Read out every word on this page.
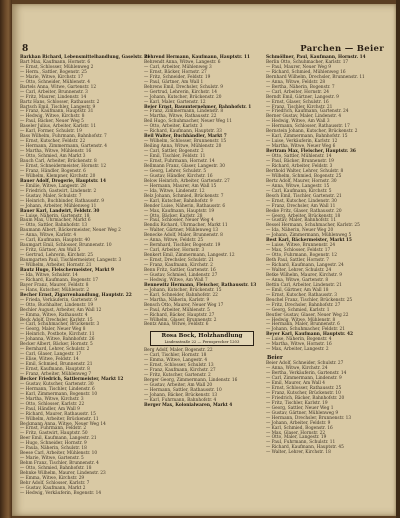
8	Parchen — Beier
Barkhan Richard, Lebensmittelhandlung, Gaselstr. 21
Bart Max, Kaufmann, Hornstr. 6
— Ernst, Schlosser, Mühlenweg 2
— Herm., Sattler, Bogenstr. 25
— Marie, Witwe, Kirchstr. 17
— Otto, Schneider, Mühlenstr. 4
Bartels Anna, Witwe, Gartenstr. 12
— Carl, Arbeiter, Brunnenstr. 3
— Fritz, Maurer, Lindenstr. 14
Bartz Hans, Schlosser, Rathausstr. 2
Bartsch Emil, Tischler, Langestr. 9
— Franz, Kaufmann, Hauptstr. 31
— Hedwig, Witwe, Kirchstr. 8
— Paul, Bäcker, Neuer Weg 5
Baseler Julius, Arbeiter, Karlstr. 11
— Karl, Former, Schulstr. 19
Bass Wilhelm, Fuhrmann, Bahnhofstr. 7
— Ernst, Kutscher, Feldstr. 22
— Hermann, Zimmermann, Gartenstr. 4
— Martha, Witwe, Mühlenstr. 16
— Otto, Schmied, Am Markt 3
Bauch Carl, Arbeiter, Brückenstr. 8
— Ernst, Schneidermeister, Hornstr. 12
— Franz, Händler, Bogenstr. 6
— Wilhelm, Klempner, Kirchstr. 20
Bauer Adolf, Drogerie, Hauptstr. 14
— Emilie, Witwe, Langestr. 28
— Friedrich, Gastwirt, Lindenstr. 2
— Gustav, Maler, Schulstr. 7
— Heinrich, Buchbinder, Rathausstr. 9
— Johann, Arbeiter, Mühlenweg 11
Bauer Karl, Landwirt, Feldstr. 30
— Luise, Näherin, Gartenstr. 18
Baum Max, Uhrmacher, Markt 6
— Otto, Sattler, Bahnhofstr. 13
Baumann Albert, Bäckermeister, Neuer Weg 2
— Anna, Witwe, Karlstr. 4
— Carl, Kaufmann, Hauptstr. 40
Baumgart Emil, Schlosser, Brunnenstr. 10
— Fritz, Gärtner, Am Wall 5
— Gertrud, Lehrerin, Kirchstr. 25
Baumgarten Paul, Tischlermeister, Langestr. 3
— Wilhelm, Arbeiter, Hornstr. 21
Bautz Hugo, Fleischermeister, Markt 9
— Ida, Witwe, Schulstr. 14
— Richard, Kaufmann, Bogenstr. 17
Bayer Franz, Maurer, Feldstr. 8
— Hans, Kutscher, Mühlenstr. 2
Becher Ernst, Zigarrenhandlung, Hauptstr. 22
— Frieda, Verkäuferin, Gartenstr. 9
— Otto, Buchhalter, Lindenstr. 19
Bechler August, Arbeiter, Am Wall 12
— Emma, Witwe, Rathausstr. 4
Beck Adolf, Drechsler, Karlstr. 15
— Carl, Schuhmacher, Brückenstr. 3
— Georg, Maler, Neuer Weg 8
— Heinrich, Postbote, Kirchstr. 11
— Johanna, Witwe, Bahnhofstr. 26
Becker Albert, Bäcker, Hornstr. 5
— Bernhard, Lehrer, Schulstr. 2
— Carl, Glaser, Langestr. 17
— Elise, Witwe, Feldstr. 14
— Emil, Schmied, Brunnenstr. 21
— Ernst, Kaufmann, Hauptstr. 8
— Franz, Arbeiter, Mühlenweg 7
Becker Friedrich, Sattlermeister, Markt 12
— Gustav, Kutscher, Gartenstr. 30
— Hermann, Tischler, Lindenstr. 6
— Karl, Zimmermann, Bogenstr. 10
— Martha, Witwe, Kirchstr. 3
— Otto, Schlosser, Karlstr. 22
— Paul, Händler, Am Wall 9
— Richard, Maurer, Rathausstr. 15
— Wilhelm, Arbeiter, Brückenstr. 11
Beckmann Anna, Witwe, Neuer Weg 14
— Ernst, Fuhrmann, Feldstr. 2
— Fritz, Gastwirt, Hauptstr. 50
Beer Emil, Kaufmann, Langestr. 21
— Hugo, Schneider, Hornstr. 9
— Paula, Näherin, Schulstr. 18
Beese Carl, Arbeiter, Mühlenstr. 10
— Marie, Witwe, Gartenstr. 5
Behm Franz, Tischler, Brunnenstr. 4
— Otto, Schmied, Bahnhofstr. 18
Behnke Wilhelm, Maurer, Lindenstr. 23
— Emma, Witwe, Kirchstr. 29
Behr Adolf, Schlosser, Karlstr. 7
— Gustav, Kaufmann, Markt 2
— Hedwig, Verkäuferin, Bogenstr. 14
Behrend Hermann, Kaufmann, Hauptstr. 11
Behrendt Anna, Witwe, Langestr. 6
— Carl, Arbeiter, Mühlenweg 3
— Ernst, Bäcker, Hornstr. 27
— Fritz, Schneider, Feldstr. 19
— Paul, Gärtner, Am Wall 1
Behrens Emil, Drechsler, Schulstr. 9
— Gertrud, Lehrerin, Kirchstr. 14
— Johann, Kutscher, Brückenstr. 20
— Karl, Maler, Gartenstr. 12
Beier Ernst, Bauunternehmer, Bahnhofstr. 1
— Franz, Zimmermann, Lindenstr. 8
— Martha, Witwe, Rathausstr. 22
Beil Hugo, Schuhmacher, Neuer Weg 11
— Otto, Arbeiter, Karlstr. 3
— Richard, Kaufmann, Hauptstr. 33
Beil Walter, Buchhändler, Markt 7
— Wilhelm, Schlosser, Brunnenstr. 15
Beiling Anna, Witwe, Mühlenstr. 20
— Carl, Sattler, Bogenstr. 2
— Emil, Tischler, Feldstr. 11
— Ernst, Fuhrmann, Hornstr. 14
Bellmann Franz, Glaser, Langestr. 30
— Georg, Lehrer, Schulstr. 5
— Gustav, Händler, Kirchstr. 16
Below Heinrich, Arbeiter, Gartenstr. 27
— Hermann, Maurer, Am Wall 15
— Ida, Witwe, Lindenstr. 12
Belz Johann, Schmied, Brückenstr. 7
— Karl, Kutscher, Bahnhofstr. 9
Bender Luise, Näherin, Rathausstr. 6
— Max, Kaufmann, Hauptstr. 19
— Otto, Bäcker, Karlstr. 28
— Paul, Schlosser, Neuer Weg 4
Bendix Richard, Uhrmacher, Markt 11
— Walter, Gärtner, Mühlenweg 13
Benecke Adolf, Maler, Brunnenstr. 8
— Anna, Witwe, Feldstr. 25
— Bernhard, Tischler, Bogenstr. 19
— Carl, Arbeiter, Hornstr. 3
Benkert Emil, Zimmermann, Langestr. 12
— Ernst, Drechsler, Schulstr. 21
— Franz, Kaufmann, Kirchstr. 2
Benn Fritz, Sattler, Gartenstr. 16
— Gustav, Schmied, Lindenstr. 27
— Hedwig, Witwe, Am Wall 7
Bennewitz Hermann, Fleischer, Rathausstr. 13
— Johann, Kutscher, Brückenstr. 15
— Karl, Schneider, Bahnhofstr. 22
— Martha, Näherin, Karlstr. 9
Bensch Otto, Maurer, Neuer Weg 17
— Paul, Arbeiter, Mühlenstr. 5
— Richard, Bäcker, Hauptstr. 27
— Wilhelm, Glaser, Brunnenstr. 2
Bentz Anna, Witwe, Feldstr. 6
Rosa Bock, Holzhandlung
Lindenstraße 22 — Fernsprecher 1203
Berg Adolf, Maler, Bogenstr. 22
— Carl, Tischler, Hornstr. 18
— Emma, Witwe, Langestr. 4
— Ernst, Schlosser, Schulstr. 13
— Franz, Kaufmann, Kirchstr. 27
— Fritz, Kutscher, Gartenstr. 2
Berger Georg, Zimmermann, Lindenstr. 16
— Gustav, Arbeiter, Am Wall 20
— Hermann, Sattler, Rathausstr. 10
— Johann, Bäcker, Brückenstr. 13
— Karl, Fuhrmann, Bahnhofstr. 4
Berger Max, Kolonialwaren, Markt 4
Schmöllner, Paul, Kaufmann, Hornstr. 14
Berlin Otto, Schuhmacher, Karlstr. 17
— Paul, Maurer, Neuer Weg 9
— Richard, Schmied, Mühlenweg 16
Bernhard Wilhelm, Drechsler, Brunnenstr. 11
— Anna, Witwe, Feldstr. 28
— Bertha, Näherin, Bogenstr. 7
— Carl, Arbeiter, Hornstr. 24
Berndt Emil, Gärtner, Langestr. 9
— Ernst, Glaser, Schulstr. 16
— Franz, Tischler, Kirchstr. 21
— Friedrich, Kaufmann, Gartenstr. 24
Berner Gustav, Maler, Lindenstr. 4
— Hedwig, Witwe, Am Wall 3
— Hermann, Schlosser, Rathausstr. 17
Bernstein Johann, Kutscher, Brückenstr. 2
— Karl, Zimmermann, Bahnhofstr. 15
— Luise, Verkäuferin, Karlstr. 12
— Martha, Witwe, Neuer Weg 6
Bertram Max, Fleischer, Hauptstr. 36
— Otto, Sattler, Mühlenstr. 14
— Paul, Bäcker, Brunnenstr. 19
— Richard, Arbeiter, Feldstr. 3
Berthold Walter, Lehrer, Schulstr. 8
— Wilhelm, Schmied, Bogenstr. 25
Bertz Adolf, Maurer, Hornstr. 30
— Anna, Witwe, Langestr. 15
— Carl, Kaufmann, Kirchstr. 5
Besch Emil, Tischler, Gartenstr. 21
— Ernst, Kutscher, Lindenstr. 30
— Franz, Drechsler, Am Wall 11
Beske Fritz, Glaser, Rathausstr. 20
— Georg, Arbeiter, Brückenstr. 18
— Gustav, Maler, Bahnhofstr. 11
Bessel Hermann, Schuhmacher, Karlstr. 25
— Ida, Näherin, Neuer Weg 20
— Johann, Zimmermann, Mühlenweg 5
Best Karl, Bäckermeister, Markt 15
— Luise, Witwe, Brunnenstr. 24
— Max, Schlosser, Feldstr. 17
— Otto, Fuhrmann, Bogenstr. 12
Beth Paul, Sattler, Hornstr. 7
— Richard, Kaufmann, Langestr. 24
— Walter, Lehrer, Schulstr. 24
Betke Wilhelm, Maurer, Kirchstr. 9
— Anna, Witwe, Gartenstr. 8
Bettin Carl, Arbeiter, Lindenstr. 21
— Emil, Gärtner, Am Wall 18
— Ernst, Kutscher, Rathausstr. 3
Beuchel Franz, Tischler, Brückenstr. 25
— Fritz, Drechsler, Bahnhofstr. 27
— Georg, Schmied, Karlstr. 1
Beutler Gustav, Glaser, Neuer Weg 22
— Hedwig, Witwe, Mühlenstr. 8
— Hermann, Maler, Brunnenstr. 6
— Johann, Schuhmacher, Feldstr. 21
Beyer Karl, Kaufmann, Hauptstr. 42
— Luise, Näherin, Bogenstr. 4
— Martha, Witwe, Hornstr. 16
— Max, Arbeiter, Langestr. 2
Beier
Beier Adolf, Schneider, Schulstr. 27
— Anna, Witwe, Kirchstr. 24
— Bertha, Verkäuferin, Gartenstr. 14
— Carl, Zimmermann, Lindenstr. 9
— Emil, Maurer, Am Wall 4
— Ernst, Schlosser, Rathausstr. 25
— Franz, Kutscher, Brückenstr. 10
— Friedrich, Bäcker, Bahnhofstr. 20
— Fritz, Tischler, Karlstr. 19
— Georg, Sattler, Neuer Weg 1
— Gustav, Gärtner, Mühlenweg 9
— Hermann, Drechsler, Brunnenstr. 13
— Johann, Arbeiter, Feldstr. 9
— Karl, Schmied, Bogenstr. 16
— Max, Glaser, Hornstr. 22
— Otto, Maler, Langestr. 19
— Paul, Fuhrmann, Schulstr. 11
— Richard, Kaufmann, Hauptstr. 45
— Walter, Lehrer, Kirchstr. 18
